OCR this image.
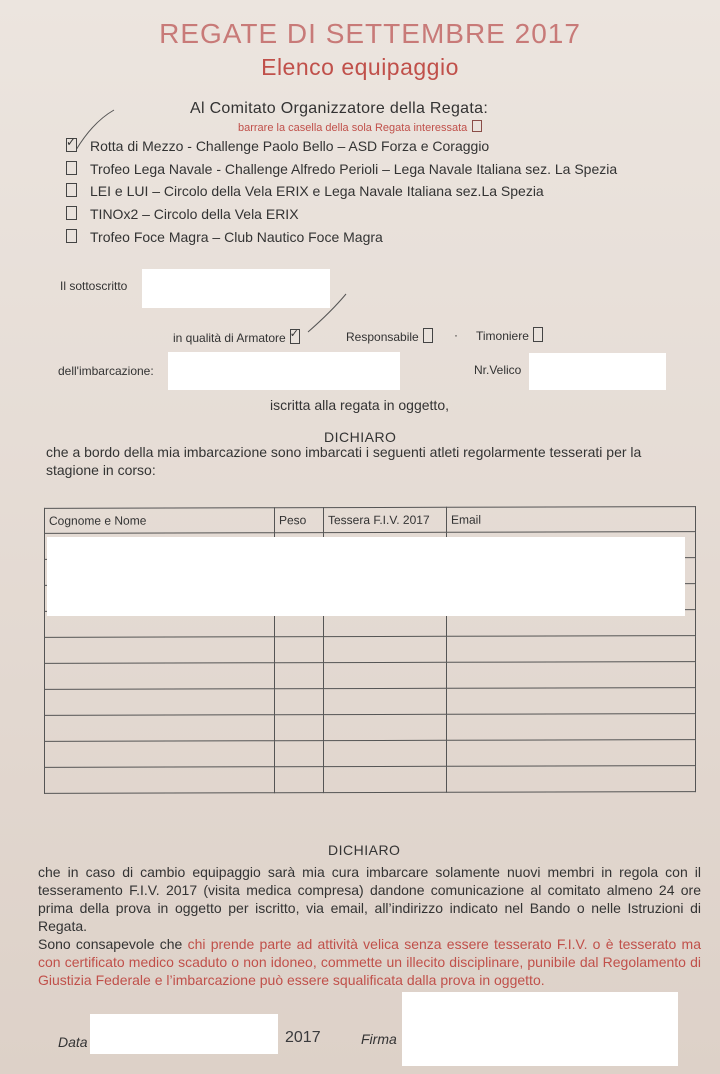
REGATE DI SETTEMBRE 2017
Elenco equipaggio
Al Comitato Organizzatore della Regata:
barrare la casella della sola Regata interessata
✓Rotta di Mezzo - Challenge Paolo Bello – ASD Forza e Coraggio
Trofeo Lega Navale - Challenge Alfredo Perioli – Lega Navale Italiana sez. La Spezia
LEI e LUI – Circolo della Vela ERIX e Lega Navale Italiana sez.La Spezia
TINOx2 – Circolo della Vela ERIX
Trofeo Foce Magra – Club Nautico Foce Magra
Il sottoscritto
in qualità di Armatore ✓	Responsabile	· Timoniere
dell'imbarcazione:	Nr.Velico
iscritta alla regata in oggetto,
DICHIARO
che a bordo della mia imbarcazione sono imbarcati i seguenti atleti regolarmente tesserati per la stagione in corso:
Cognome e Nome	Peso	Tessera F.I.V. 2017	Email

DICHIARO
che in caso di cambio equipaggio sarà mia cura imbarcare solamente nuovi membri in regola con il tesseramento F.I.V. 2017 (visita medica compresa) dandone comunicazione al comitato almeno 24 ore prima della prova in oggetto per iscritto, via email, all’indirizzo indicato nel Bando o nelle Istruzioni di Regata.
Sono consapevole che chi prende parte ad attività velica senza essere tesserato F.I.V. o è tesserato ma con certificato medico scaduto o non idoneo, commette un illecito disciplinare, punibile dal Regolamento di Giustizia Federale e l’imbarcazione può essere squalificata dalla prova in oggetto.
Data	2017	Firma
